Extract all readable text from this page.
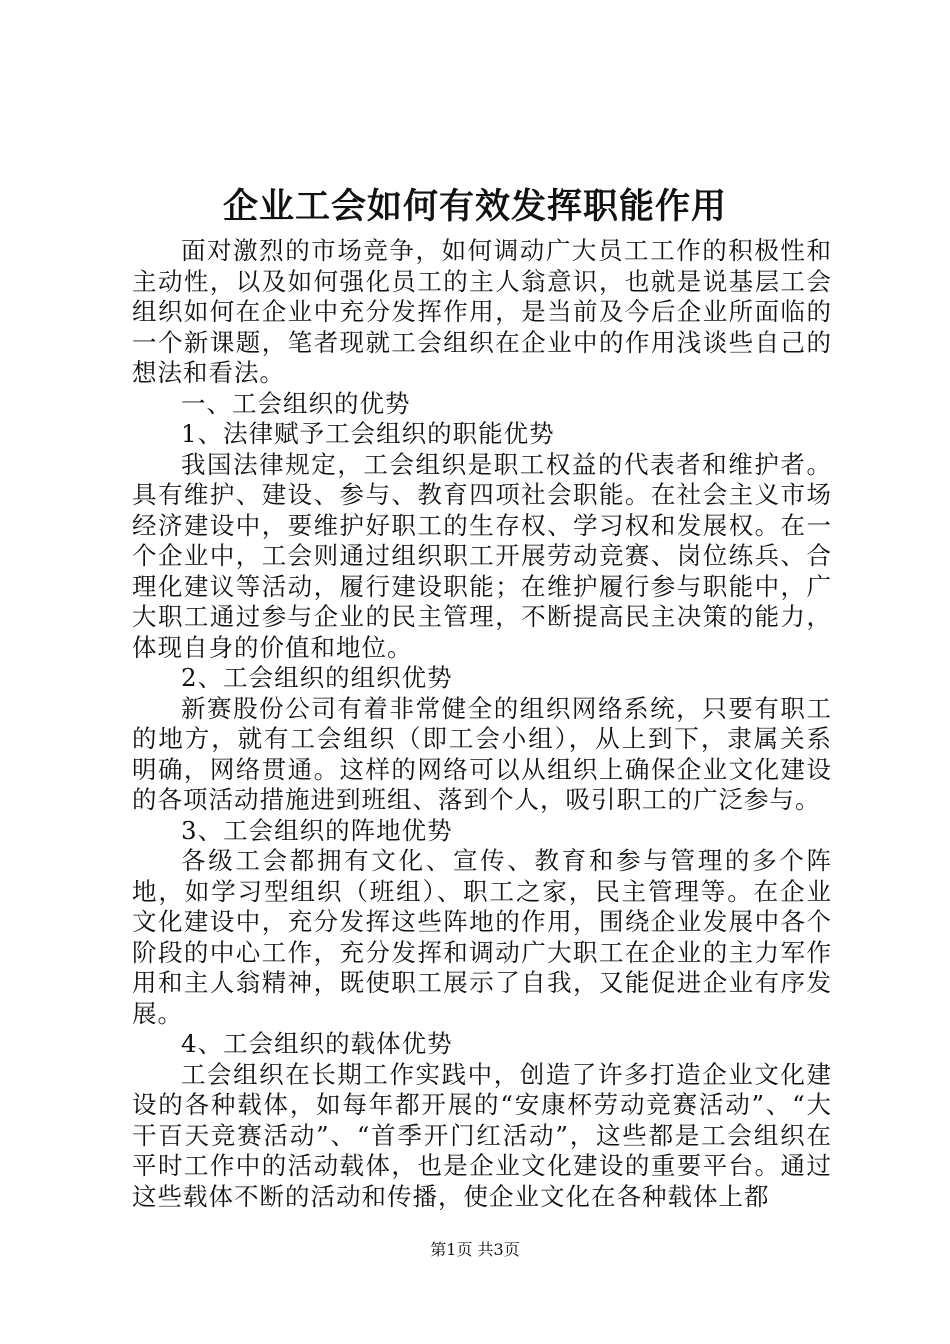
企业工会如何有效发挥职能作用

面对激烈的市场竞争，如何调动广大员工工作的积极性和主动性，以及如何强化员工的主人翁意识，也就是说基层工会组织如何在企业中充分发挥作用，是当前及今后企业所面临的一个新课题，笔者现就工会组织在企业中的作用浅谈些自己的想法和看法。

一、工会组织的优势

1、法律赋予工会组织的职能优势

我国法律规定，工会组织是职工权益的代表者和维护者。具有维护、建设、参与、教育四项社会职能。在社会主义市场经济建设中，要维护好职工的生存权、学习权和发展权。在一个企业中，工会则通过组织职工开展劳动竞赛、岗位练兵、合理化建议等活动，履行建设职能；在维护履行参与职能中，广大职工通过参与企业的民主管理，不断提高民主决策的能力，体现自身的价值和地位。

2、工会组织的组织优势

新赛股份公司有着非常健全的组织网络系统，只要有职工的地方，就有工会组织（即工会小组），从上到下，隶属关系明确，网络贯通。这样的网络可以从组织上确保企业文化建设的各项活动措施进到班组、落到个人，吸引职工的广泛参与。

3、工会组织的阵地优势

各级工会都拥有文化、宣传、教育和参与管理的多个阵地，如学习型组织（班组）、职工之家，民主管理等。在企业文化建设中，充分发挥这些阵地的作用，围绕企业发展中各个阶段的中心工作，充分发挥和调动广大职工在企业的主力军作用和主人翁精神，既使职工展示了自我，又能促进企业有序发展。

4、工会组织的载体优势

工会组织在长期工作实践中，创造了许多打造企业文化建设的各种载体，如每年都开展的“安康杯劳动竞赛活动”、“大干百天竞赛活动”、“首季开门红活动”，这些都是工会组织在平时工作中的活动载体，也是企业文化建设的重要平台。通过这些载体不断的活动和传播，使企业文化在各种载体上都

第1页 共3页
